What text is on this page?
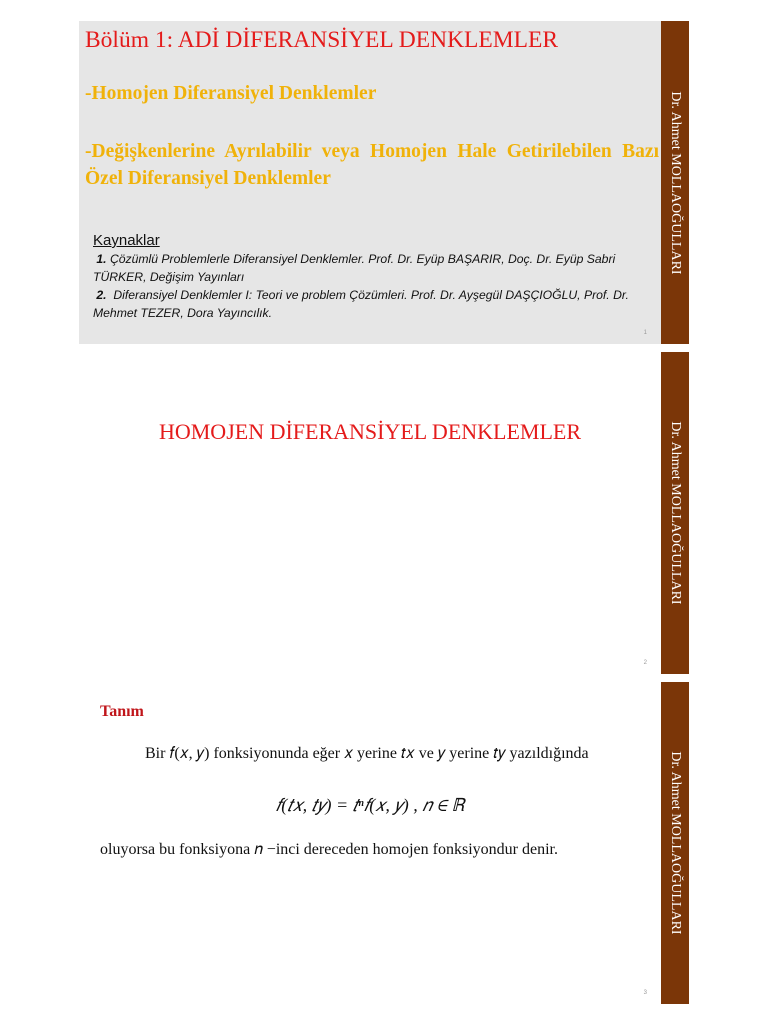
Bölüm 1: ADİ DİFERANSİYEL DENKLEMLER
-Homojen Diferansiyel Denklemler
-Değişkenlerine Ayrılabilir veya Homojen Hale Getirilebilen Bazı Özel Diferansiyel Denklemler
Kaynaklar
1. Çözümlü Problemlerle Diferansiyel Denklemler. Prof. Dr. Eyüp BAŞARIR, Doç. Dr. Eyüp Sabri TÜRKER, Değişim Yayınları
2. Diferansiyel Denklemler I: Teori ve problem Çözümleri. Prof. Dr. Ayşegül DAŞÇIOĞLU, Prof. Dr. Mehmet TEZER, Dora Yayıncılık.
1
Dr. Ahmet MOLLAOĞULLARI
HOMOJEN DİFERANSİYEL DENKLEMLER
2
Dr. Ahmet MOLLAOĞULLARI
Tanım
Bir 𝑓(𝑥, 𝑦) fonksiyonunda eğer 𝑥 yerine 𝑡𝑥 ve 𝑦 yerine 𝑡𝑦 yazıldığında
𝑓(𝑡𝑥, 𝑡𝑦) = 𝑡ⁿ𝑓(𝑥, 𝑦) , 𝑛 ∈ ℝ
oluyorsa bu fonksiyona 𝑛 −inci dereceden homojen fonksiyondur denir.
3
Dr. Ahmet MOLLAOĞULLARI
